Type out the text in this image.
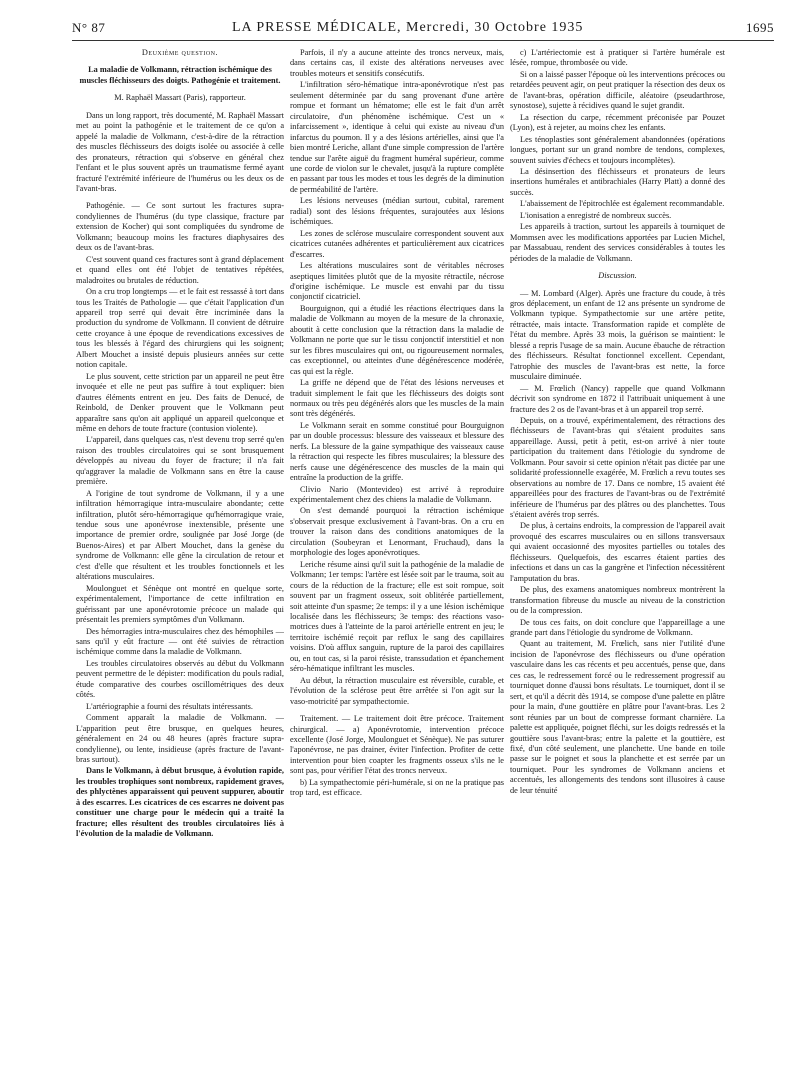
N° 87	LA PRESSE MÉDICALE, Mercredi, 30 Octobre 1935	1695

Deuxième question.

La maladie de Volkmann, rétraction ischémique des muscles fléchisseurs des doigts. Pathogénie et traitement.

M. Raphaël Massart (Paris), rapporteur.

Dans un long rapport, très documenté, M. Raphaël Massart met au point la pathogénie et le traitement de ce qu'on a appelé la maladie de Volkmann, c'est-à-dire de la rétraction des muscles fléchisseurs des doigts isolée ou associée à celle des pronateurs, rétraction qui s'observe en général chez l'enfant et le plus souvent après un traumatisme fermé ayant fracturé l'extrémité inférieure de l'humérus ou les deux os de l'avant-bras.

Pathogénie. — Ce sont surtout les fractures supra-condyliennes de l'humérus (du type classique, fracture par extension de Kocher) qui sont compliquées du syndrome de Volkmann; beaucoup moins les fractures diaphysaires des deux os de l'avant-bras.

C'est souvent quand ces fractures sont à grand déplacement et quand elles ont été l'objet de tentatives répétées, maladroites ou brutales de réduction.

On a cru trop longtemps — et le fait est ressassé à tort dans tous les Traités de Pathologie — que c'était l'application d'un appareil trop serré qui devait être incriminée dans la production du syndrome de Volkmann. Il convient de détruire cette croyance à une époque de revendications excessives de tous les blessés à l'égard des chirurgiens qui les soignent; Albert Mouchet a insisté depuis plusieurs années sur cette notion capitale.

Le plus souvent, cette striction par un appareil ne peut être invoquée et elle ne peut pas suffire à tout expliquer: bien d'autres éléments entrent en jeu. Des faits de Denucé, de Reinbold, de Denker prouvent que le Volkmann peut apparaître sans qu'on ait appliqué un appareil quelconque et même en dehors de toute fracture (contusion violente).

L'appareil, dans quelques cas, n'est devenu trop serré qu'en raison des troubles circulatoires qui se sont brusquement développés au niveau du foyer de fracture; il n'a fait qu'aggraver la maladie de Volkmann sans en être la cause première.

A l'origine de tout syndrome de Volkmann, il y a une infiltration hémorragique intra-musculaire abondante; cette infiltration, plutôt séro-hémorragique qu'hémorragique vraie, tendue sous une aponévrose inextensible, présente une importance de premier ordre, soulignée par José Jorge (de Buenos-Aires) et par Albert Mouchet, dans la genèse du syndrome de Volkmann: elle gêne la circulation de retour et c'est d'elle que résultent et les troubles fonctionnels et les altérations musculaires.

Moulonguet et Sénèque ont montré en quelque sorte, expérimentalement, l'importance de cette infiltration en guérissant par une aponévrotomie précoce un malade qui présentait les premiers symptômes d'un Volkmann.

Des hémorragies intra-musculaires chez des hémophiles — sans qu'il y eût fracture — ont été suivies de rétraction ischémique comme dans la maladie de Volkmann.

Les troubles circulatoires observés au début du Volkmann peuvent permettre de le dépister: modification du pouls radial, étude comparative des courbes oscillométriques des deux côtés.

L'artériographie a fourni des résultats intéressants.

Comment apparaît la maladie de Volkmann. — L'apparition peut être brusque, en quelques heures, généralement en 24 ou 48 heures (après fracture supra-condylienne), ou lente, insidieuse (après fracture de l'avant-bras surtout).

Dans le Volkmann, à début brusque, à évolution rapide, les troubles trophiques sont nombreux, rapidement graves, des phlyctènes apparaissent qui peuvent suppurer, aboutir à des escarres. Les cicatrices de ces escarres ne doivent pas constituer une charge pour le médecin qui a traité la fracture; elles résultent des troubles circulatoires liés à l'évolution de la maladie de Volkmann.

Parfois, il n'y a aucune atteinte des troncs nerveux, mais, dans certains cas, il existe des altérations nerveuses avec troubles moteurs et sensitifs consécutifs.

L'infiltration séro-hématique intra-aponévrotique n'est pas seulement déterminée par du sang provenant d'une artère rompue et formant un hématome; elle est le fait d'un arrêt circulatoire, d'un phénomène ischémique. C'est un « infarcissement », identique à celui qui existe au niveau d'un infarctus du poumon. Il y a des lésions artérielles, ainsi que l'a bien montré Leriche, allant d'une simple compression de l'artère tendue sur l'arête aiguë du fragment huméral supérieur, comme une corde de violon sur le chevalet, jusqu'à la rupture complète en passant par tous les modes et tous les degrés de la diminution de perméabilité de l'artère.

Les lésions nerveuses (médian surtout, cubital, rarement radial) sont des lésions fréquentes, surajoutées aux lésions ischémiques.

Les zones de sclérose musculaire correspondent souvent aux cicatrices cutanées adhérentes et particulièrement aux cicatrices d'escarres.

Les altérations musculaires sont de véritables nécroses aseptiques limitées plutôt que de la myosite rétractile, nécrose d'origine ischémique. Le muscle est envahi par du tissu conjonctif cicatriciel.

Bourguignon, qui a étudié les réactions électriques dans la maladie de Volkmann au moyen de la mesure de la chronaxie, aboutit à cette conclusion que la rétraction dans la maladie de Volkmann ne porte que sur le tissu conjonctif interstitiel et non sur les fibres musculaires qui ont, ou rigoureusement normales, cas exceptionnel, ou atteintes d'une dégénérescence modérée, cas qui est la règle.

La griffe ne dépend que de l'état des lésions nerveuses et traduit simplement le fait que les fléchisseurs des doigts sont normaux ou très peu dégénérés alors que les muscles de la main sont très dégénérés.

Le Volkmann serait en somme constitué pour Bourguignon par un double processus: blessure des vaisseaux et blessure des nerfs. La blessure de la gaine sympathique des vaisseaux cause la rétraction qui respecte les fibres musculaires; la blessure des nerfs cause une dégénérescence des muscles de la main qui entraîne la production de la griffe.

Clivio Nario (Montevideo) est arrivé à reproduire expérimentalement chez des chiens la maladie de Volkmann.

On s'est demandé pourquoi la rétraction ischémique s'observait presque exclusivement à l'avant-bras. On a cru en trouver la raison dans des conditions anatomiques de la circulation (Soubeyran et Lenormant, Fruchaud), dans la morphologie des loges aponévrotiques.

Leriche résume ainsi qu'il suit la pathogénie de la maladie de Volkmann; 1er temps: l'artère est lésée soit par le trauma, soit au cours de la réduction de la fracture; elle est soit rompue, soit souvent par un fragment osseux, soit oblitérée partiellement, soit atteinte d'un spasme; 2e temps: il y a une lésion ischémique localisée dans les fléchisseurs; 3e temps: des réactions vaso-motrices dues à l'atteinte de la paroi artérielle entrent en jeu; le territoire ischémié reçoit par reflux le sang des capillaires voisins. D'où afflux sanguin, rupture de la paroi des capillaires ou, en tout cas, si la paroi résiste, transsudation et épanchement séro-hématique infiltrant les muscles.

Au début, la rétraction musculaire est réversible, curable, et l'évolution de la sclérose peut être arrêtée si l'on agit sur la vaso-motricité par sympathectomie.

Traitement. — Le traitement doit être précoce. Traitement chirurgical. — a) Aponévrotomie, intervention précoce excellente (José Jorge, Moulonguet et Sénèque). Ne pas suturer l'aponévrose, ne pas drainer, éviter l'infection. Profiter de cette intervention pour bien coapter les fragments osseux s'ils ne le sont pas, pour vérifier l'état des troncs nerveux.

b) La sympathectomie péri-humérale, si on ne la pratique pas trop tard, est efficace.

c) L'artériectomie est à pratiquer si l'artère humérale est lésée, rompue, thrombosée ou vide.

Si on a laissé passer l'époque où les interventions précoces ou retardées peuvent agir, on peut pratiquer la résection des deux os de l'avant-bras, opération difficile, aléatoire (pseudarthrose, synostose), sujette à récidives quand le sujet grandit.

La résection du carpe, récemment préconisée par Pouzet (Lyon), est à rejeter, au moins chez les enfants.

Les ténoplasties sont généralement abandonnées (opérations longues, portant sur un grand nombre de tendons, complexes, souvent suivies d'échecs et toujours incomplètes).

La désinsertion des fléchisseurs et pronateurs de leurs insertions humérales et antibrachiales (Harry Platt) a donné des succès.

L'abaissement de l'épitrochlée est également recommandable.

L'ionisation a enregistré de nombreux succès.

Les appareils à traction, surtout les appareils à tourniquet de Mommsen avec les modifications apportées par Lucien Michel, par Massabuau, rendent des services considérables à toutes les périodes de la maladie de Volkmann.

Discussion.

— M. Lombard (Alger). Après une fracture du coude, à très gros déplacement, un enfant de 12 ans présente un syndrome de Volkmann typique. Sympathectomie sur une artère petite, rétractée, mais intacte. Transformation rapide et complète de l'état du membre. Après 33 mois, la guérison se maintient: le blessé a repris l'usage de sa main. Aucune ébauche de rétraction des fléchisseurs. Résultat fonctionnel excellent. Cependant, l'atrophie des muscles de l'avant-bras est nette, la force musculaire diminuée.

— M. Frœlich (Nancy) rappelle que quand Volkmann décrivit son syndrome en 1872 il l'attribuait uniquement à une fracture des 2 os de l'avant-bras et à un appareil trop serré.

Depuis, on a trouvé, expérimentalement, des rétractions des fléchisseurs de l'avant-bras qui s'étaient produites sans appareillage. Aussi, petit à petit, est-on arrivé à nier toute participation du traitement dans l'étiologie du syndrome de Volkmann. Pour savoir si cette opinion n'était pas dictée par une solidarité professionnelle exagérée, M. Frœlich a revu toutes ses observations au nombre de 17. Dans ce nombre, 15 avaient été appareillées pour des fractures de l'avant-bras ou de l'extrémité inférieure de l'humérus par des plâtres ou des planchettes. Tous s'étaient avérés trop serrés.

De plus, à certains endroits, la compression de l'appareil avait provoqué des escarres musculaires ou en sillons transversaux qui avaient occasionné des myosites partielles ou totales des fléchisseurs. Quelquefois, des escarres étaient parties des infections et dans un cas la gangrène et l'infection nécessitèrent l'amputation du bras.

De plus, des examens anatomiques nombreux montrèrent la transformation fibreuse du muscle au niveau de la constriction ou de la compression.

De tous ces faits, on doit conclure que l'appareillage a une grande part dans l'étiologie du syndrome de Volkmann.

Quant au traitement, M. Frœlich, sans nier l'utilité d'une incision de l'aponévrose des fléchisseurs ou d'une opération vasculaire dans les cas récents et peu accentués, pense que, dans ces cas, le redressement forcé ou le redressement progressif au tourniquet donne d'aussi bons résultats. Le tourniquet, dont il se sert, et qu'il a décrit dès 1914, se compose d'une palette en plâtre pour la main, d'une gouttière en plâtre pour l'avant-bras. Les 2 sont réunies par un bout de compresse formant charnière. La palette est appliquée, poignet fléchi, sur les doigts redressés et la gouttière sous l'avant-bras; entre la palette et la gouttière, est fixé, d'un côté seulement, une planchette. Une bande en toile passe sur le poignet et sous la planchette et est serrée par un tourniquet. Pour les syndromes de Volkmann anciens et accentués, les allongements des tendons sont illusoires à cause de leur ténuité
